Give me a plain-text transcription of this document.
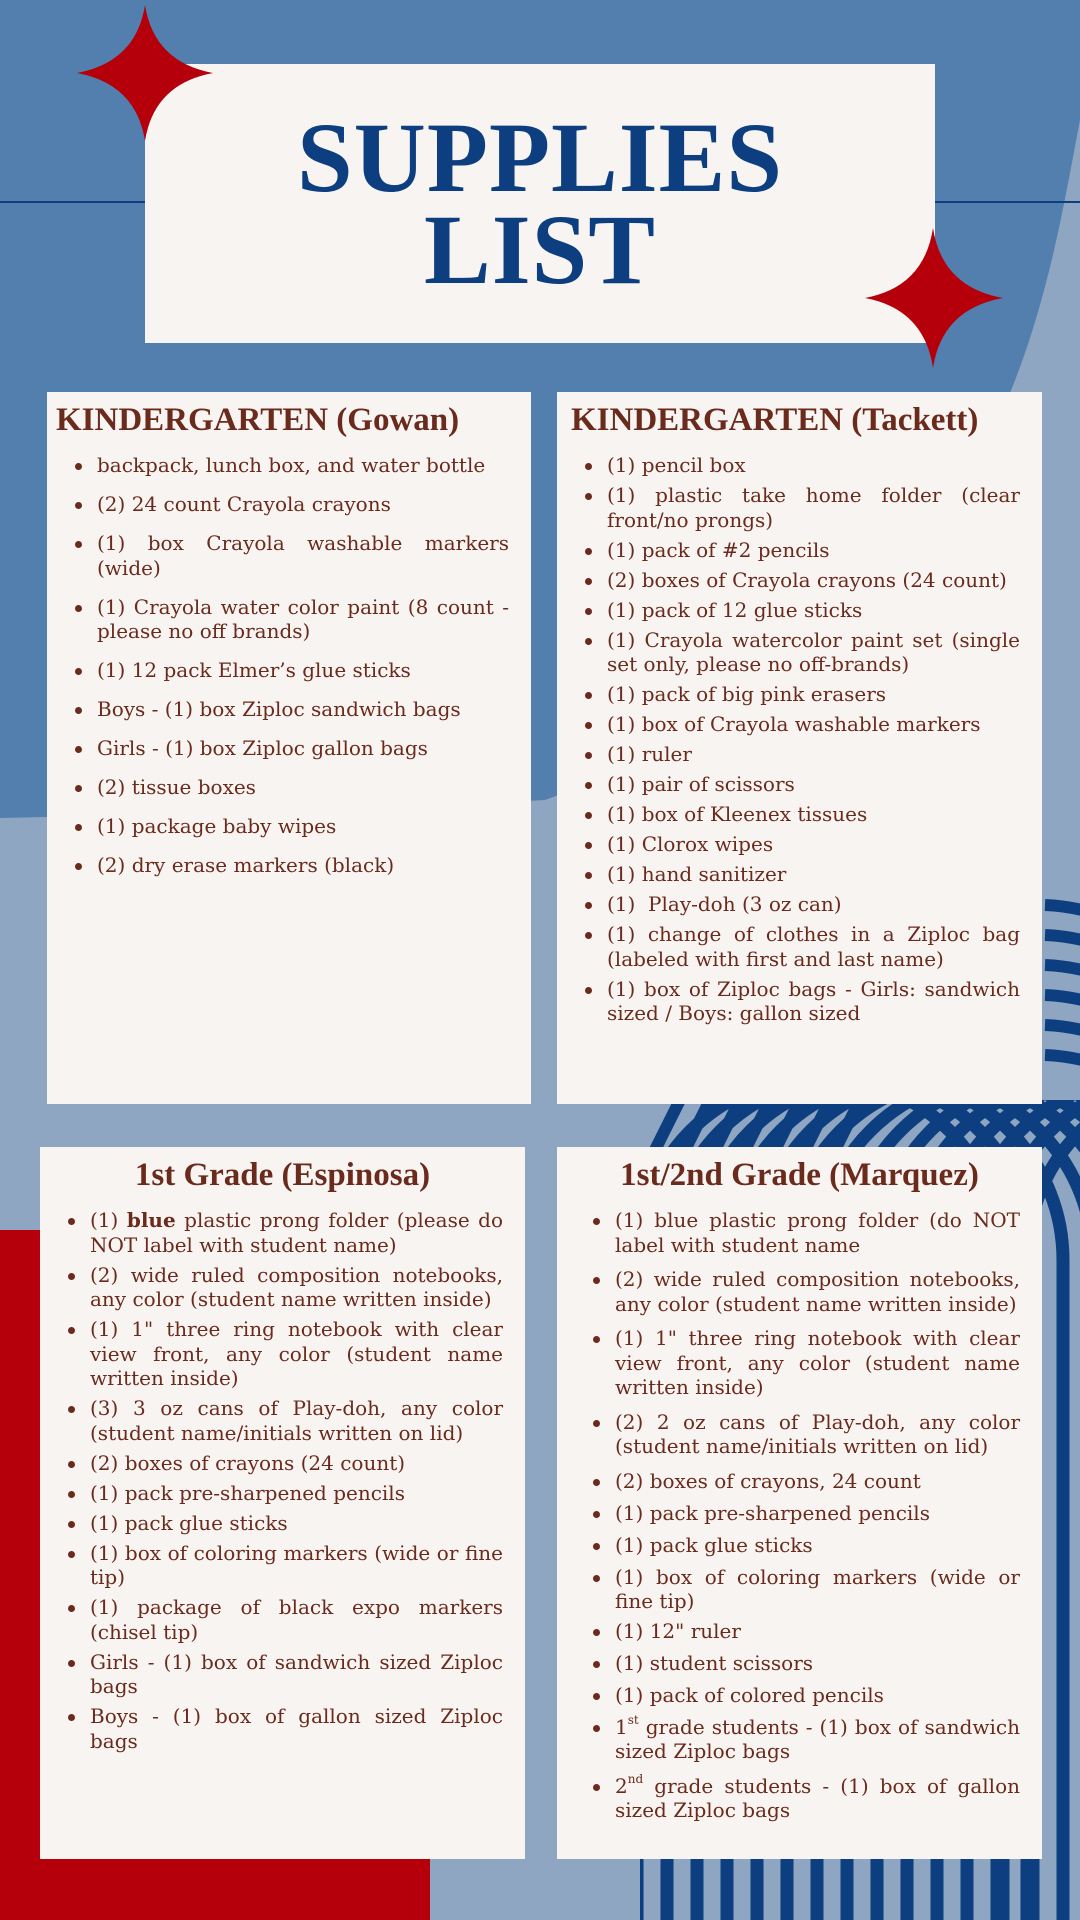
SUPPLIES
LIST
KINDERGARTEN (Gowan)
backpack, lunch box, and water bottle
(2) 24 count Crayola crayons
(1) box Crayola washable markers (wide)
(1) Crayola water color paint (8 count - please no off brands)
(1) 12 pack Elmer’s glue sticks
Boys - (1) box Ziploc sandwich bags
Girls - (1) box Ziploc gallon bags
(2) tissue boxes
(1) package baby wipes
(2) dry erase markers (black)
KINDERGARTEN (Tackett)
(1) pencil box
(1) plastic take home folder (clear front/no prongs)
(1) pack of #2 pencils
(2) boxes of Crayola crayons (24 count)
(1) pack of 12 glue sticks
(1) Crayola watercolor paint set (single set only, please no off-brands)
(1) pack of big pink erasers
(1) box of Crayola washable markers
(1) ruler
(1) pair of scissors
(1) box of Kleenex tissues
(1) Clorox wipes
(1) hand sanitizer
(1)  Play-doh (3 oz can)
(1) change of clothes in a Ziploc bag (labeled with first and last name)
(1) box of Ziploc bags - Girls: sandwich sized / Boys: gallon sized
1st Grade (Espinosa)
(1) blue plastic prong folder (please do NOT label with student name)
(2) wide ruled composition notebooks, any color (student name written inside)
(1) 1" three ring notebook with clear view front, any color (student name written inside)
(3) 3 oz cans of Play-doh, any color (student name/initials written on lid)
(2) boxes of crayons (24 count)
(1) pack pre-sharpened pencils
(1) pack glue sticks
(1) box of coloring markers (wide or fine tip)
(1) package of black expo markers (chisel tip)
Girls - (1) box of sandwich sized Ziploc bags
Boys - (1) box of gallon sized Ziploc bags
1st/2nd Grade (Marquez)
(1) blue plastic prong folder (do NOT label with student name
(2) wide ruled composition notebooks, any color (student name written inside)
(1) 1" three ring notebook with clear view front, any color (student name written inside)
(2) 2 oz cans of Play-doh, any color (student name/initials written on lid)
(2) boxes of crayons, 24 count
(1) pack pre-sharpened pencils
(1) pack glue sticks
(1) box of coloring markers (wide or fine tip)
(1) 12" ruler
(1) student scissors
(1) pack of colored pencils
1st grade students - (1) box of sandwich sized Ziploc bags
2nd grade students - (1) box of gallon sized Ziploc bags
